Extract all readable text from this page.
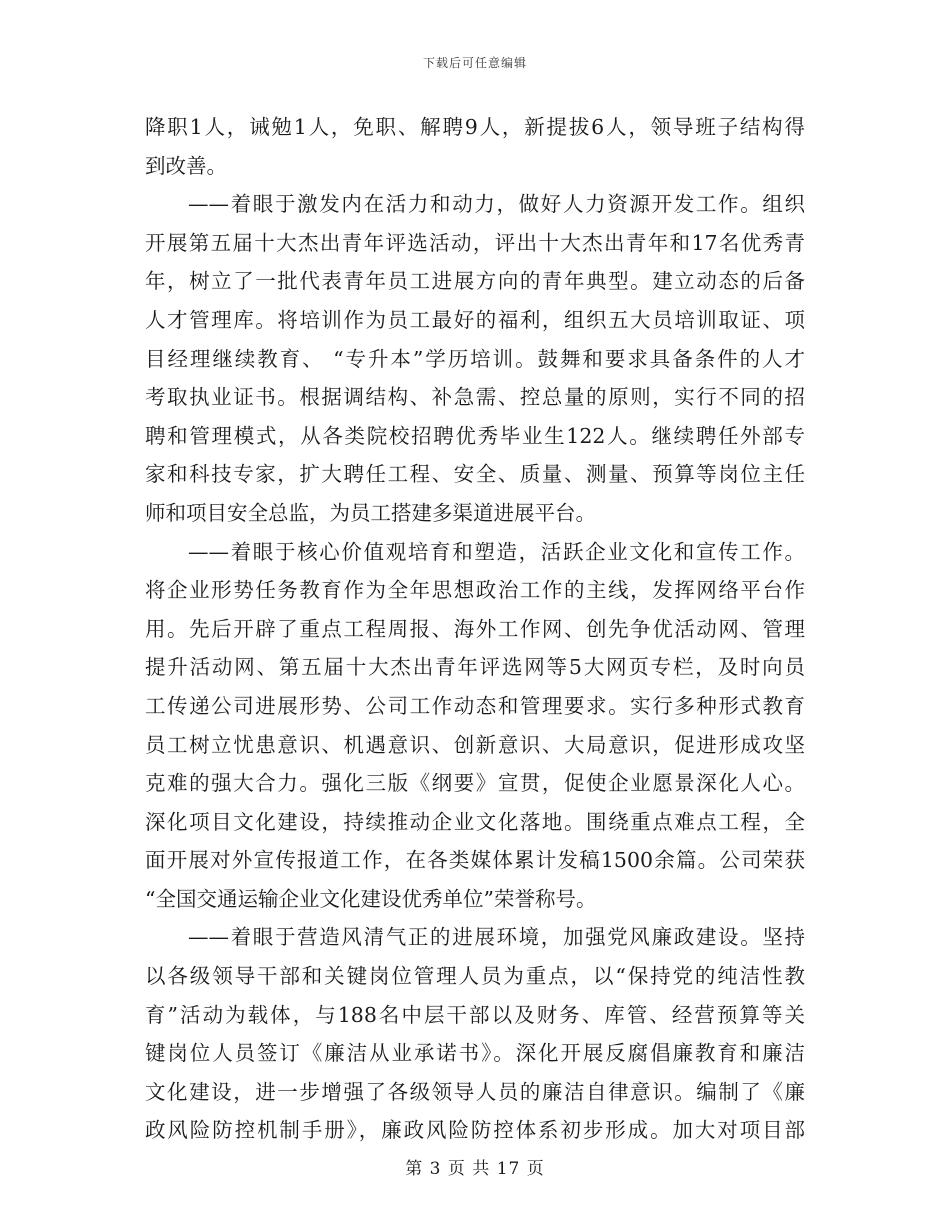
下载后可任意编辑
降职1人，诫勉1人，免职、解聘9人，新提拔6人，领导班子结构得
到改善。
——着眼于激发内在活力和动力，做好人力资源开发工作。组织
开展第五届十大杰出青年评选活动，评出十大杰出青年和17名优秀青
年，树立了一批代表青年员工进展方向的青年典型。建立动态的后备
人才管理库。将培训作为员工最好的福利，组织五大员培训取证、项
目经理继续教育、 “专升本”学历培训。鼓舞和要求具备条件的人才
考取执业证书。根据调结构、补急需、控总量的原则，实行不同的招
聘和管理模式，从各类院校招聘优秀毕业生122人。继续聘任外部专
家和科技专家，扩大聘任工程、安全、质量、测量、预算等岗位主任
师和项目安全总监，为员工搭建多渠道进展平台。
——着眼于核心价值观培育和塑造，活跃企业文化和宣传工作。
将企业形势任务教育作为全年思想政治工作的主线，发挥网络平台作
用。先后开辟了重点工程周报、海外工作网、创先争优活动网、管理
提升活动网、第五届十大杰出青年评选网等5大网页专栏，及时向员
工传递公司进展形势、公司工作动态和管理要求。实行多种形式教育
员工树立忧患意识、机遇意识、创新意识、大局意识，促进形成攻坚
克难的强大合力。强化三版《纲要》宣贯，促使企业愿景深化人心。
深化项目文化建设，持续推动企业文化落地。围绕重点难点工程，全
面开展对外宣传报道工作，在各类媒体累计发稿1500余篇。公司荣获
“全国交通运输企业文化建设优秀单位”荣誉称号。
——着眼于营造风清气正的进展环境，加强党风廉政建设。坚持
以各级领导干部和关键岗位管理人员为重点，以“保持党的纯洁性教
育”活动为载体，与188名中层干部以及财务、库管、经营预算等关
键岗位人员签订《廉洁从业承诺书》。深化开展反腐倡廉教育和廉洁
文化建设，进一步增强了各级领导人员的廉洁自律意识。编制了《廉
政风险防控机制手册》，廉政风险防控体系初步形成。加大对项目部
第 3 页 共 17 页
